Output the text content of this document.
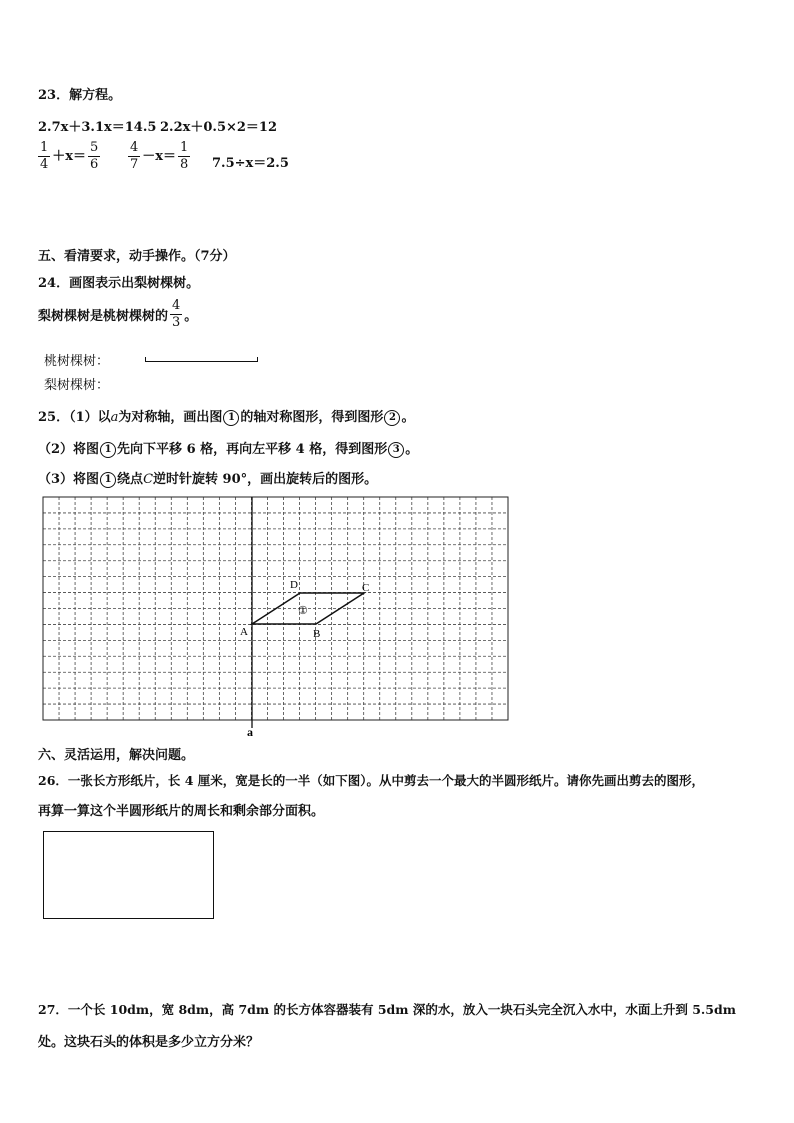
23．解方程。
2.7x＋3.1x＝14.5 2.2x＋0.5×2＝12
$\frac{1}{4} +x= \frac{5}{6} \frac{4}{7} -x= \frac{1}{8} 7.5\div x=2.5$
五、看清要求，动手操作。（7分）
24．画图表示出梨树棵树。
梨树棵树是桃树棵树的 $\frac{4}{3}$ 。
桃树棵树：
梨树棵树：
25．（1）以a为对称轴，画出图 1 的轴对称图形，得到图形 2 。
（2）将图 1 先向下平移 6 格，再向左平移 4 格，得到图形 3 。
（3）将图 1 绕点C逆时针旋转 90°，画出旋转后的图形。
A	B
C
D
①
a
六、灵活运用，解决问题。
26．一张长方形纸片，长 4 厘米，宽是长的一半（如下图）。从中剪去一个最大的半圆形纸片。请你先画出剪去的图形，
再算一算这个半圆形纸片的周长和剩余部分面积。
27．一个长 10dm，宽 8dm，高 7dm 的长方体容器装有 5dm 深的水，放入一块石头完全沉入水中，水面上升到 5.5dm
处。这块石头的体积是多少立方分米？
